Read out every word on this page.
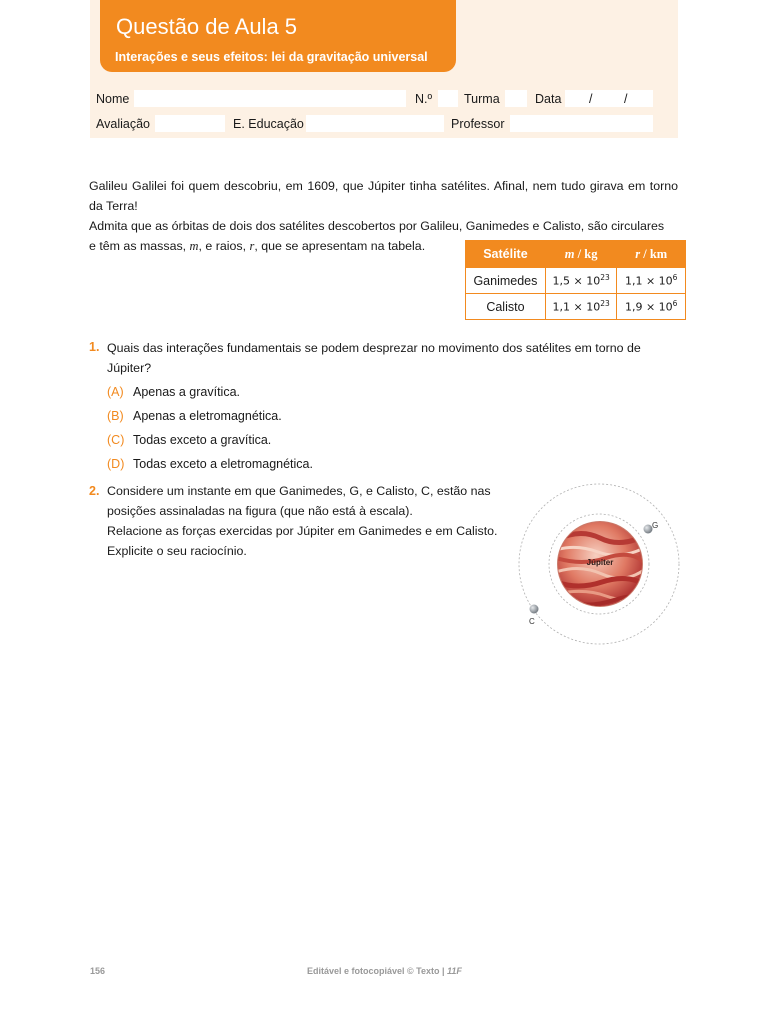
Questão de Aula 5
Interações e seus efeitos: lei da gravitação universal
Nome	N.º	Turma	Data /	/
Avaliação	E. Educação	Professor
Galileu Galilei foi quem descobriu, em 1609, que Júpiter tinha satélites. Afinal, nem tudo girava em torno da Terra!
Admita que as órbitas de dois dos satélites descobertos por Galileu, Ganimedes e Calisto, são circulares
e têm as massas, m, e raios, r, que se apresentam na tabela.
Satélite	m / kg	r / km
Ganimedes	$1,5 \times 10^{23}$	$1,1 \times 10^6$
Calisto	$1,1 \times 10^{23}$	$1,9 \times 10^6$
1. Quais das interações fundamentais se podem desprezar no movimento dos satélites em torno de
Júpiter?
(A) Apenas a gravítica.
(B) Apenas a eletromagnética.
(C) Todas exceto a gravítica.
(D) Todas exceto a eletromagnética.
2. Considere um instante em que Ganimedes, G, e Calisto, C, estão nas
posições assinaladas na figura (que não está à escala).
Relacione as forças exercidas por Júpiter em Ganimedes e em Calisto.
Explicite o seu raciocínio.
Júpiter
G
C
156	Editável e fotocopiável © Texto | 11F
